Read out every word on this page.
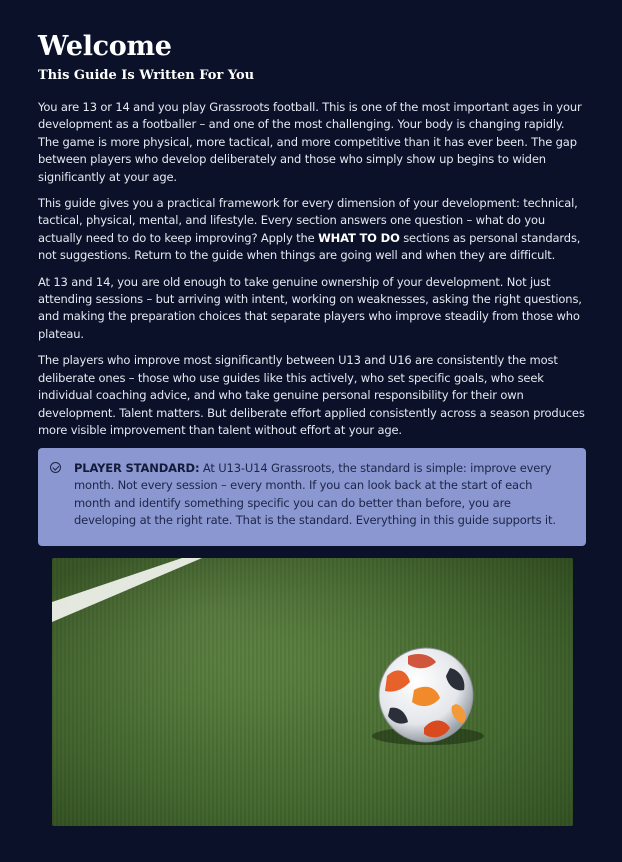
Welcome
This Guide Is Written For You

You are 13 or 14 and you play Grassroots football. This is one of the most important ages in your development as a footballer – and one of the most challenging. Your body is changing rapidly. The game is more physical, more tactical, and more competitive than it has ever been. The gap between players who develop deliberately and those who simply show up begins to widen significantly at your age.

This guide gives you a practical framework for every dimension of your development: technical, tactical, physical, mental, and lifestyle. Every section answers one question – what do you actually need to do to keep improving? Apply the WHAT TO DO sections as personal standards, not suggestions. Return to the guide when things are going well and when they are difficult.

At 13 and 14, you are old enough to take genuine ownership of your development. Not just attending sessions – but arriving with intent, working on weaknesses, asking the right questions, and making the preparation choices that separate players who improve steadily from those who plateau.

The players who improve most significantly between U13 and U16 are consistently the most deliberate ones – those who use guides like this actively, who set specific goals, who seek individual coaching advice, and who take genuine personal responsibility for their own development. Talent matters. But deliberate effort applied consistently across a season produces more visible improvement than talent without effort at your age.

PLAYER STANDARD: At U13-U14 Grassroots, the standard is simple: improve every month. Not every session – every month. If you can look back at the start of each month and identify something specific you can do better than before, you are developing at the right rate. That is the standard. Everything in this guide supports it.
